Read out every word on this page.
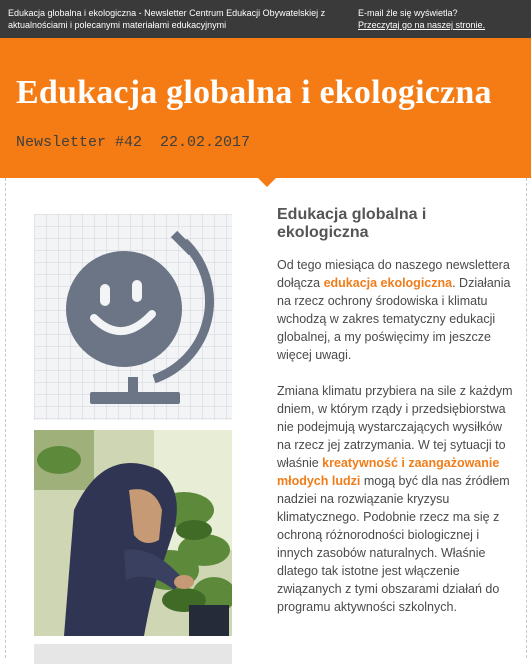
Edukacja globalna i ekologiczna - Newsletter Centrum Edukacji Obywatelskiej z aktualnościami i polecanymi materiałami edukacyjnymi
E-mail źle się wyświetla?
Przeczytaj go na naszej stronie.
Edukacja globalna i ekologiczna
Newsletter #42  22.02.2017
Edukacja globalna i ekologiczna

Od tego miesiąca do naszego newslettera dołącza edukacja ekologiczna. Działania na rzecz ochrony środowiska i klimatu wchodzą w zakres tematyczny edukacji globalnej, a my poświęcimy im jeszcze więcej uwagi.

Zmiana klimatu przybiera na sile z każdym dniem, w którym rządy i przedsiębiorstwa nie podejmują wystarczających wysiłków na rzecz jej zatrzymania. W tej sytuacji to właśnie kreatywność i zaangażowanie młodych ludzi mogą być dla nas źródłem nadziei na rozwiązanie kryzysu klimatycznego. Podobnie rzecz ma się z ochroną różnorodności biologicznej i innych zasobów naturalnych. Właśnie dlatego tak istotne jest włączenie związanych z tymi obszarami działań do programu aktywności szkolnych.
